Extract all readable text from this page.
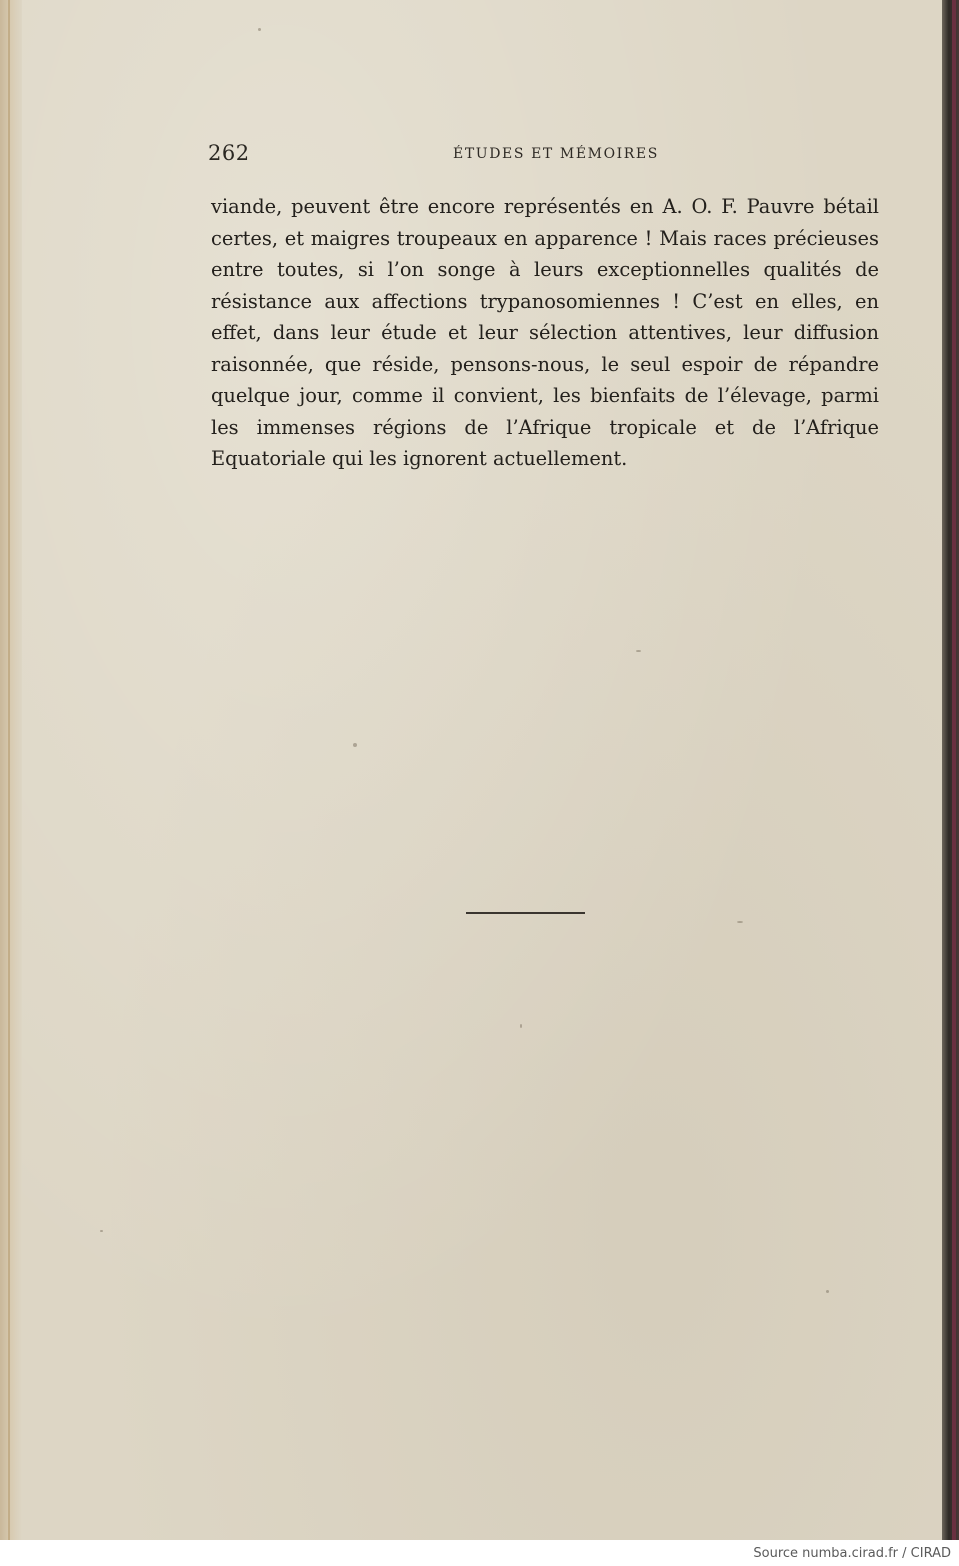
262	ÉTUDES ET MÉMOIRES

viande, peuvent être encore représentés en A. O. F. Pauvre bétail certes, et maigres troupeaux en apparence ! Mais races précieuses entre toutes, si l’on songe à leurs exceptionnelles qualités de résistance aux affections trypanosomiennes ! C’est en elles, en effet, dans leur étude et leur sélection attentives, leur diffusion raisonnée, que réside, pensons-nous, le seul espoir de répandre quelque jour, comme il convient, les bienfaits de l’élevage, parmi les immenses régions de l’Afrique tropicale et de l’Afrique Equatoriale qui les ignorent actuellement.

Source numba.cirad.fr / CIRAD
